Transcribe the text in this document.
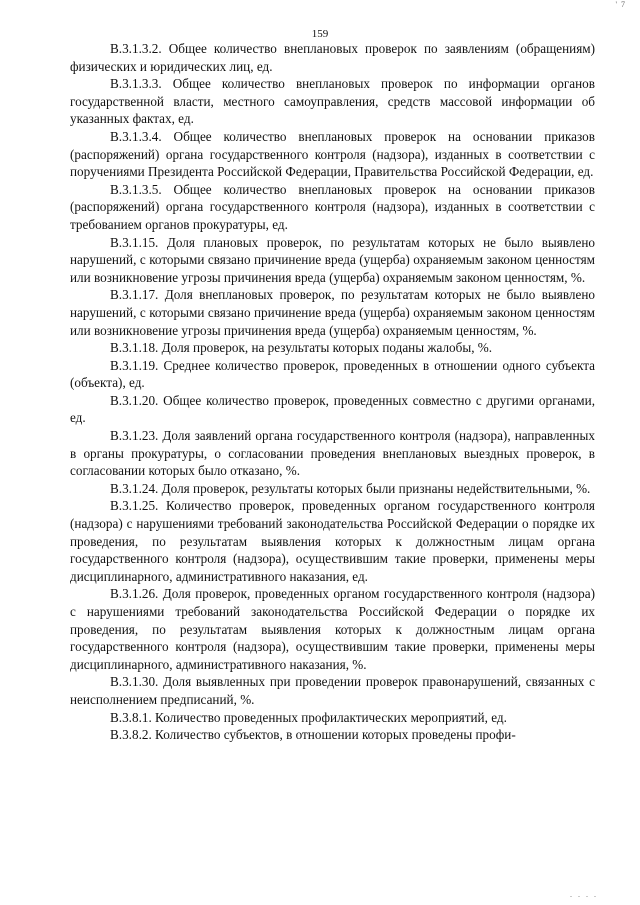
' 7
159

В.3.1.3.2. Общее количество внеплановых проверок по заявлениям (обращениям) физических и юридических лиц, ед.

В.3.1.3.3. Общее количество внеплановых проверок по информации органов государственной власти, местного самоуправления, средств массовой информации об указанных фактах, ед.

В.3.1.3.4. Общее количество внеплановых проверок на основании приказов (распоряжений) органа государственного контроля (надзора), изданных в соответствии с поручениями Президента Российской Федерации, Правительства Российской Федерации, ед.

В.3.1.3.5. Общее количество внеплановых проверок на основании приказов (распоряжений) органа государственного контроля (надзора), изданных в соответствии с требованием органов прокуратуры, ед.

В.3.1.15. Доля плановых проверок, по результатам которых не было выявлено нарушений, с которыми связано причинение вреда (ущерба) охраняемым законом ценностям или возникновение угрозы причинения вреда (ущерба) охраняемым законом ценностям, %.

В.3.1.17. Доля внеплановых проверок, по результатам которых не было выявлено нарушений, с которыми связано причинение вреда (ущерба) охраняемым законом ценностям или возникновение угрозы причинения вреда (ущерба) охраняемым ценностям, %.

В.3.1.18. Доля проверок, на результаты которых поданы жалобы, %.

В.3.1.19. Среднее количество проверок, проведенных в отношении одного субъекта (объекта), ед.

В.3.1.20. Общее количество проверок, проведенных совместно с другими органами, ед.

В.3.1.23. Доля заявлений органа государственного контроля (надзора), направленных в органы прокуратуры, о согласовании проведения внеплановых выездных проверок, в согласовании которых было отказано, %.

В.3.1.24. Доля проверок, результаты которых были признаны недействительными, %.

В.3.1.25. Количество проверок, проведенных органом государственного контроля (надзора) с нарушениями требований законодательства Российской Федерации о порядке их проведения, по результатам выявления которых к должностным лицам органа государственного контроля (надзора), осуществившим такие проверки, применены меры дисциплинарного, административного наказания, ед.

В.3.1.26. Доля проверок, проведенных органом государственного контроля (надзора) с нарушениями требований законодательства Российской Федерации о порядке их проведения, по результатам выявления которых к должностным лицам органа государственного контроля (надзора), осуществившим такие проверки, применены меры дисциплинарного, административного наказания, %.

В.3.1.30. Доля выявленных при проведении проверок правонарушений, связанных с неисполнением предписаний, %.

В.3.8.1. Количество проведенных профилактических мероприятий, ед.

В.3.8.2. Количество субъектов, в отношении которых проведены профи-

. . . .
